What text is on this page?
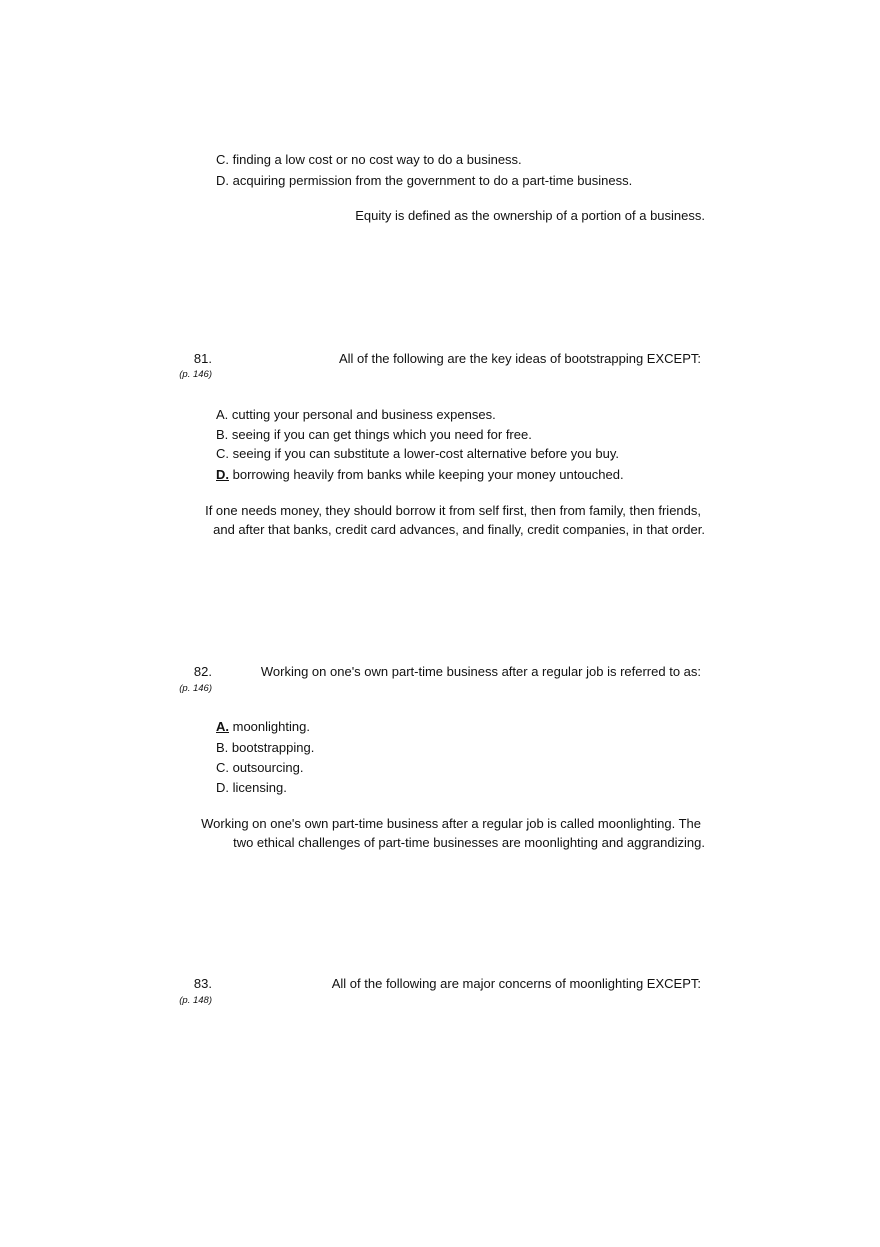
C. finding a low cost or no cost way to do a business.
D. acquiring permission from the government to do a part-time business.
Equity is defined as the ownership of a portion of a business.
81.
(p. 146)
All of the following are the key ideas of bootstrapping EXCEPT:
A. cutting your personal and business expenses.
B. seeing if you can get things which you need for free.
C. seeing if you can substitute a lower-cost alternative before you buy.
D. borrowing heavily from banks while keeping your money untouched.
If one needs money, they should borrow it from self first, then from family, then friends,
and after that banks, credit card advances, and finally, credit companies, in that order.
82.
(p. 146)
Working on one's own part-time business after a regular job is referred to as:
A. moonlighting.
B. bootstrapping.
C. outsourcing.
D. licensing.
Working on one's own part-time business after a regular job is called moonlighting. The
two ethical challenges of part-time businesses are moonlighting and aggrandizing.
83.
(p. 148)
All of the following are major concerns of moonlighting EXCEPT:
